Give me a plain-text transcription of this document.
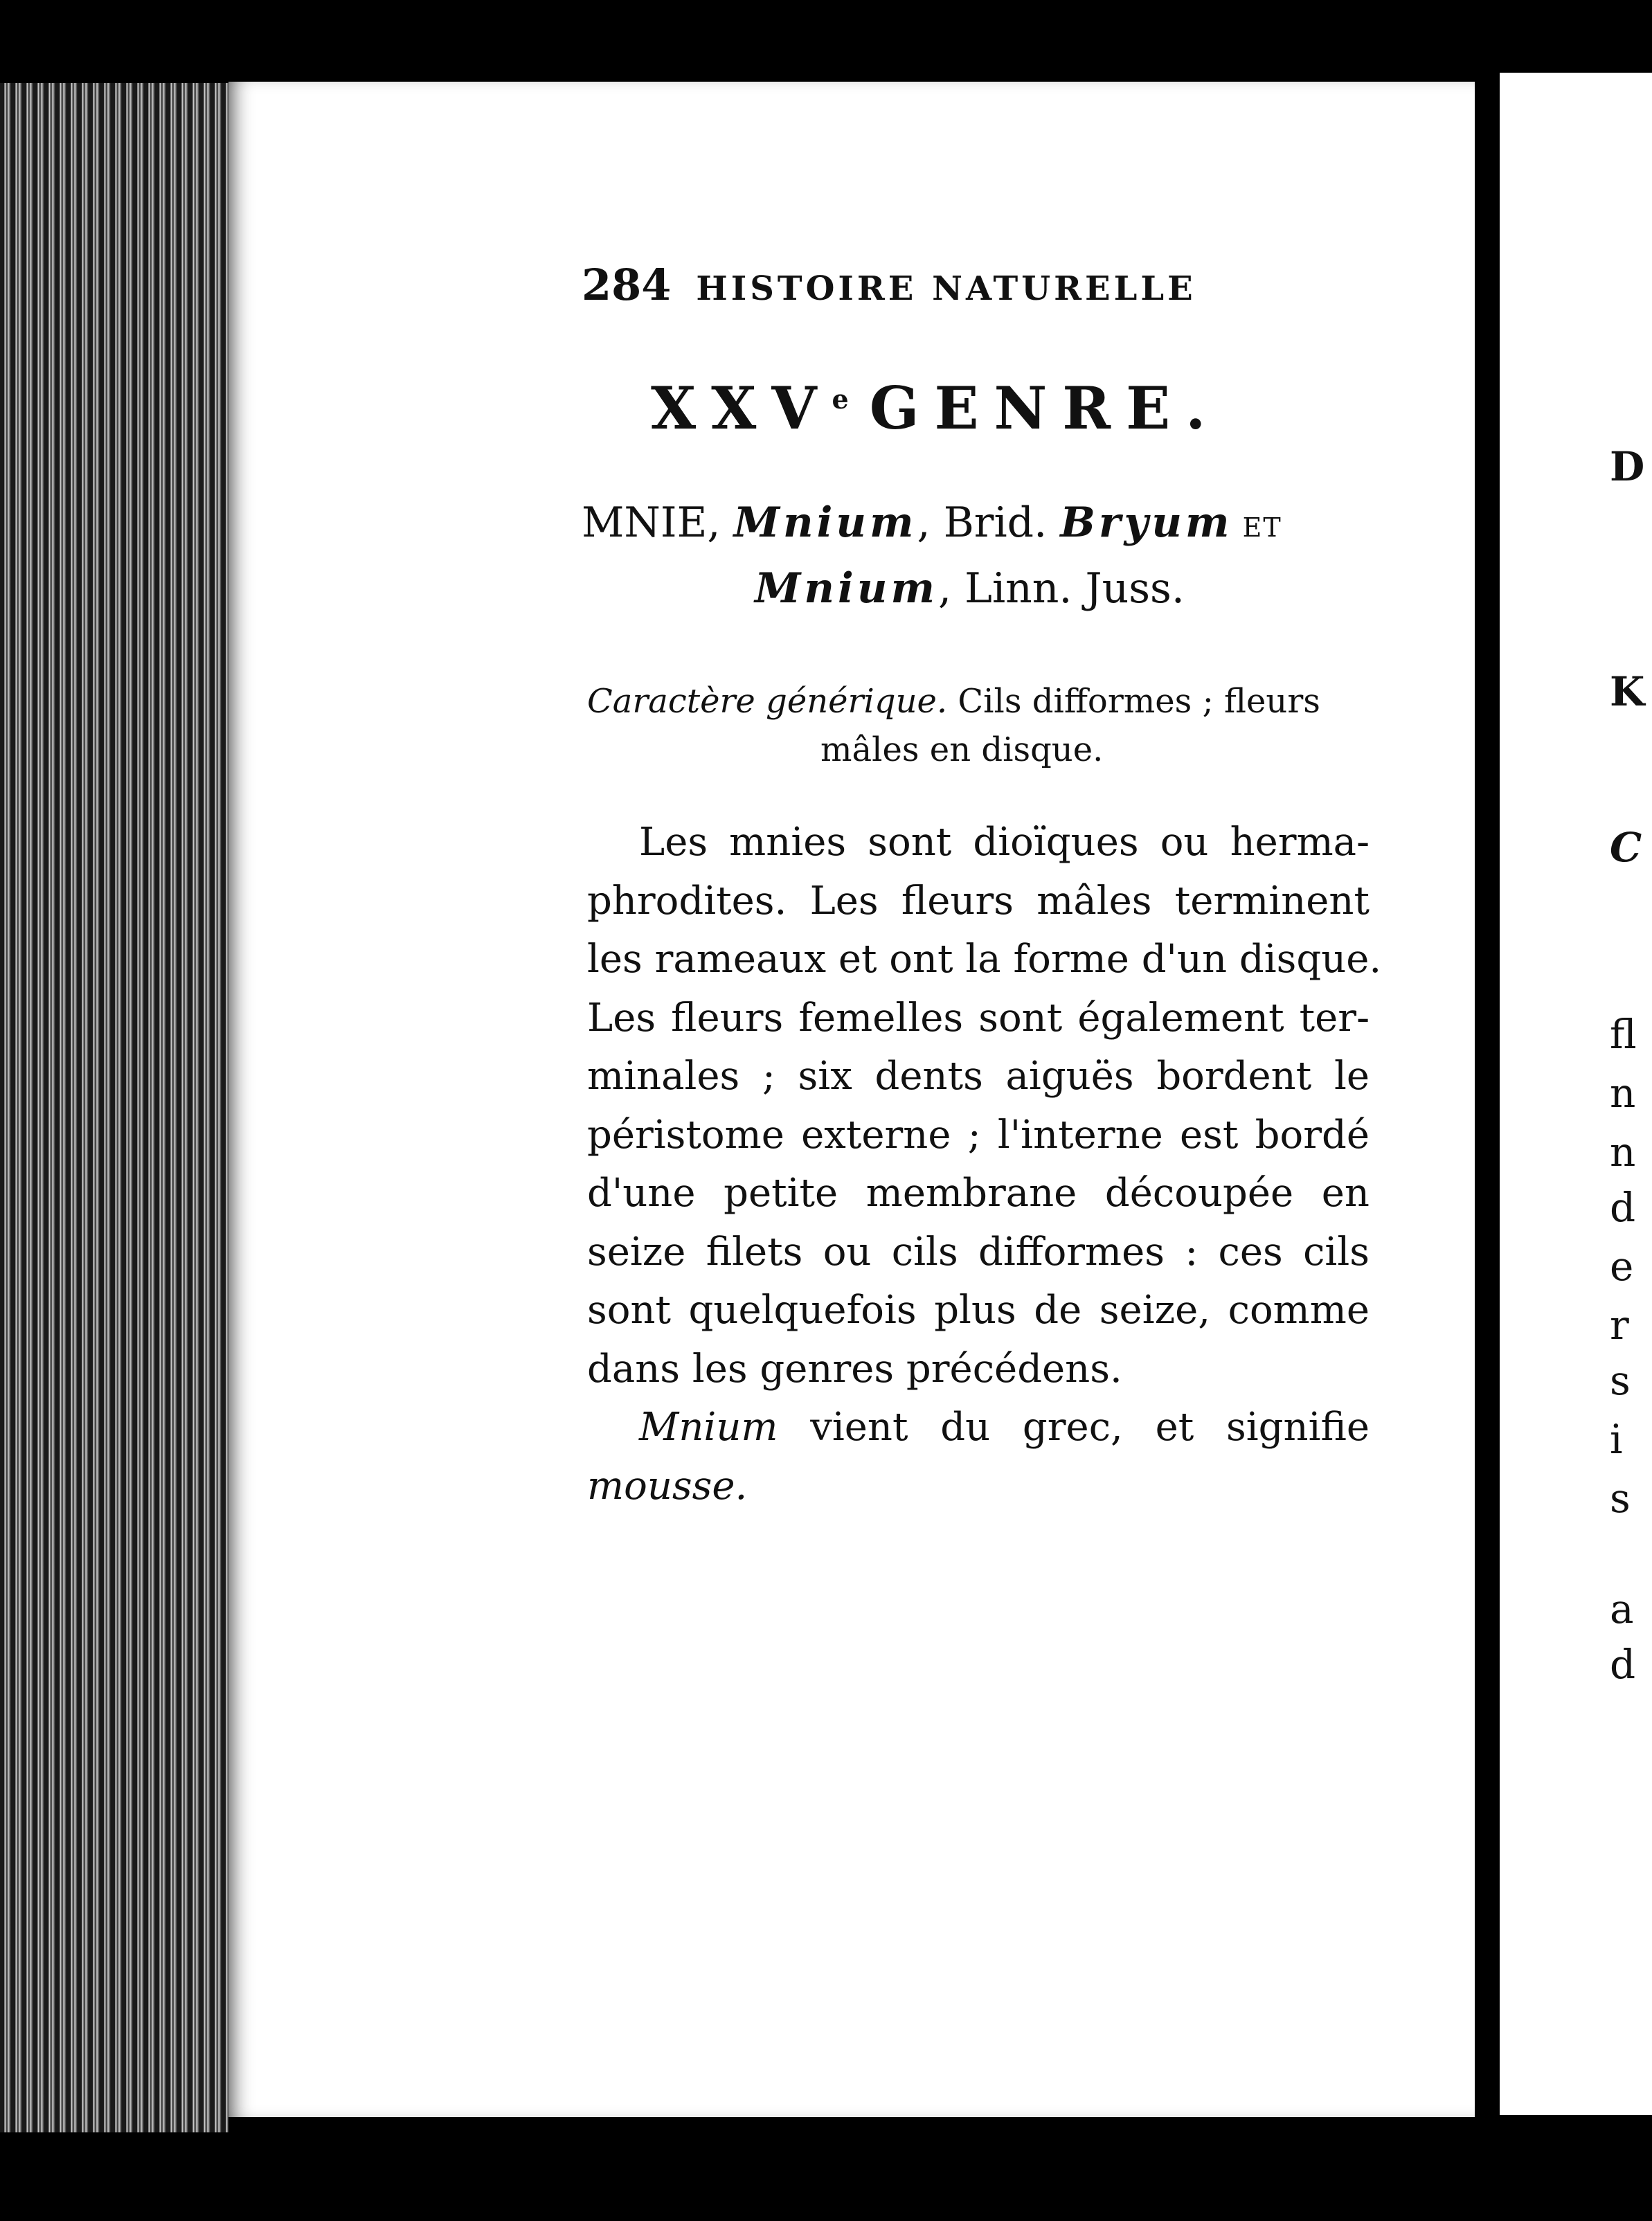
284 HISTOIRE NATURELLE
XXVe GENRE.
MNIE, Mnium, Brid. Bryum ET
Mnium, Linn. Juss.
Caractère générique. Cils difformes ; fleurs
mâles en disque.
Les mnies sont dioïques ou herma-
phrodites. Les fleurs mâles terminent
les rameaux et ont la forme d'un disque.
Les fleurs femelles sont également ter-
minales ; six dents aiguës bordent le
péristome externe ; l'interne est bordé
d'une petite membrane découpée en
seize filets ou cils difformes : ces cils
sont quelquefois plus de seize, comme
dans les genres précédens.
Mnium vient du grec, et signifie
mousse.
D
K
C
fl
n
n
d
e
r
s
i
s
a
d
